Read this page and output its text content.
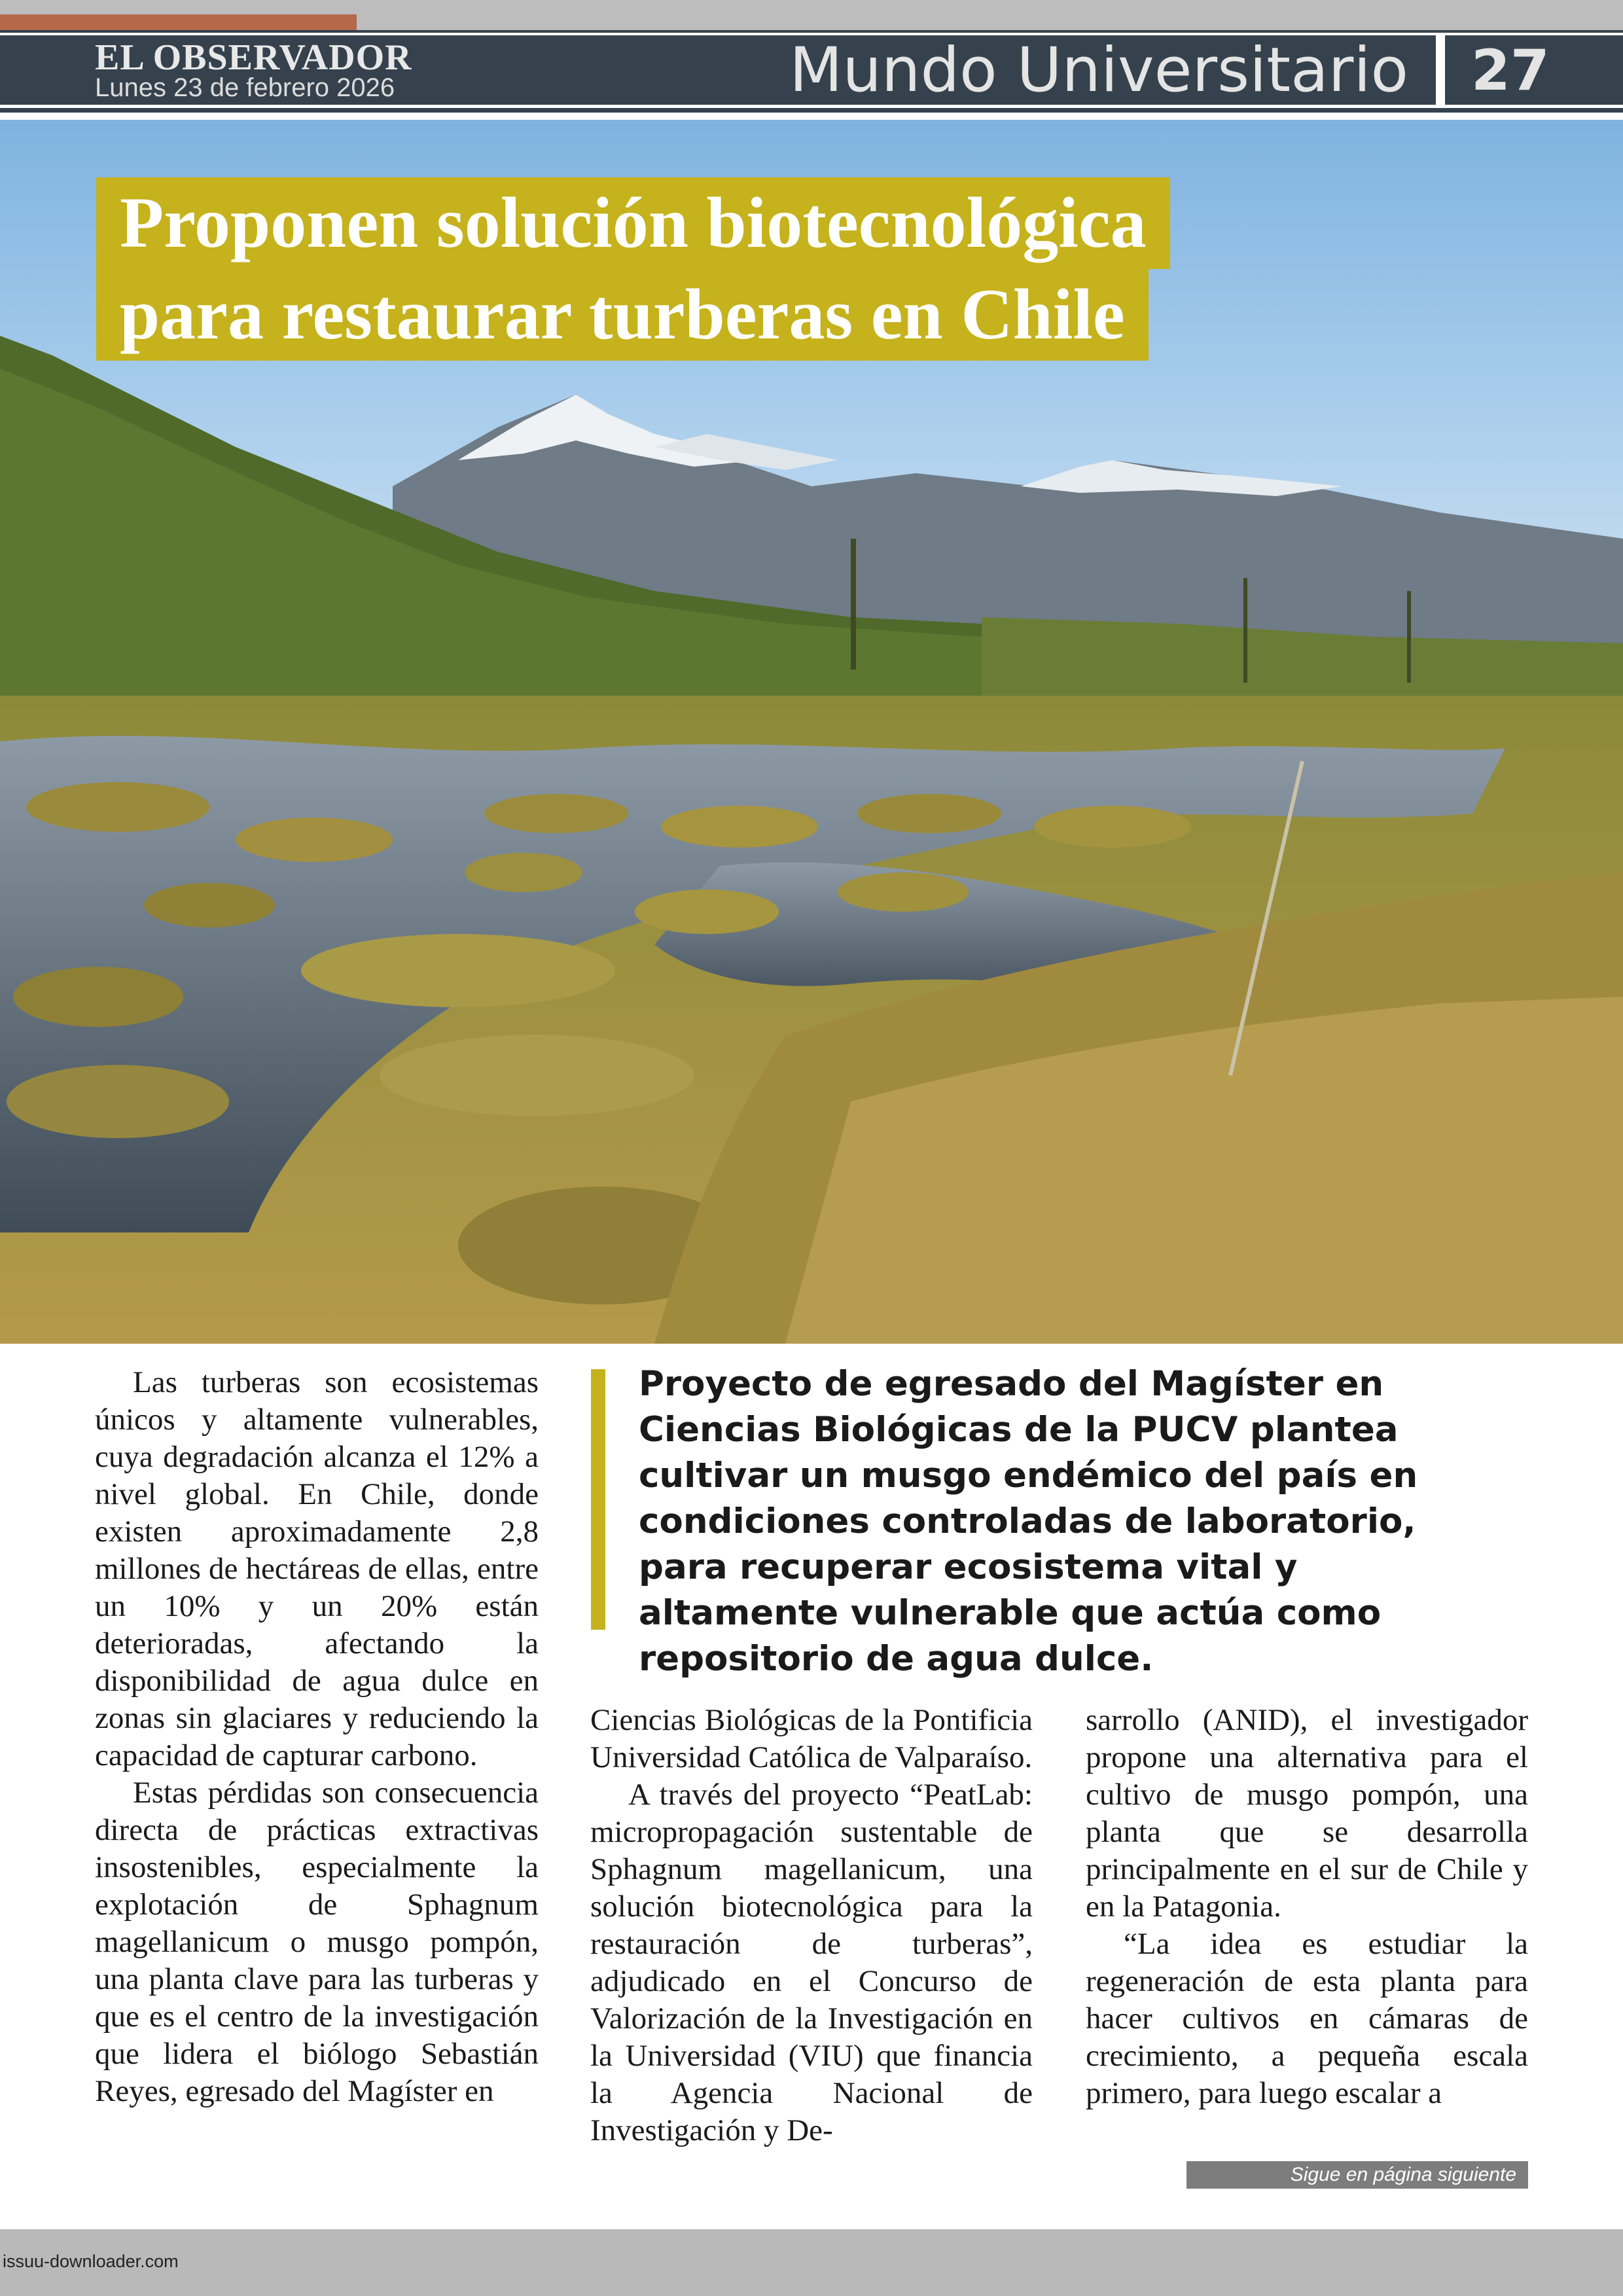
EL OBSERVADOR
Lunes 23 de febrero 2026	Mundo Universitario 27
Proponen solución biotecnológica
para restaurar turberas en Chile

Las turberas son ecosistemas únicos y altamente vulnerables, cuya degradación alcanza el 12% a nivel global. En Chile, donde existen aproximadamente 2,8 millones de hectáreas de ellas, entre un 10% y un 20% están deterioradas, afectando la disponibilidad de agua dulce en zonas sin glaciares y reduciendo la capacidad de capturar carbono.

Estas pérdidas son consecuencia directa de prácticas extractivas insostenibles, especialmente la explotación de Sphagnum magellanicum o musgo pompón, una planta clave para las turberas y que es el centro de la investigación que lidera el biólogo Sebastián Reyes, egresado del Magíster en

Proyecto de egresado del Magíster en Ciencias Biológicas de la PUCV plantea cultivar un musgo endémico del país en condiciones controladas de laboratorio, para recuperar ecosistema vital y altamente vulnerable que actúa como repositorio de agua dulce.

Ciencias Biológicas de la Pontificia Universidad Católica de Valparaíso.

A través del proyecto “PeatLab: micropropagación sustentable de Sphagnum magellanicum, una solución biotecnológica para la restauración de turberas”, adjudicado en el Concurso de Valorización de la Investigación en la Universidad (VIU) que financia la Agencia Nacional de Investigación y De-

sarrollo (ANID), el investigador propone una alternativa para el cultivo de musgo pompón, una planta que se desarrolla principalmente en el sur de Chile y en la Patagonia.

“La idea es estudiar la regeneración de esta planta para hacer cultivos en cámaras de crecimiento, a pequeña escala primero, para luego escalar a

Sigue en página siguiente
issuu-downloader.com
